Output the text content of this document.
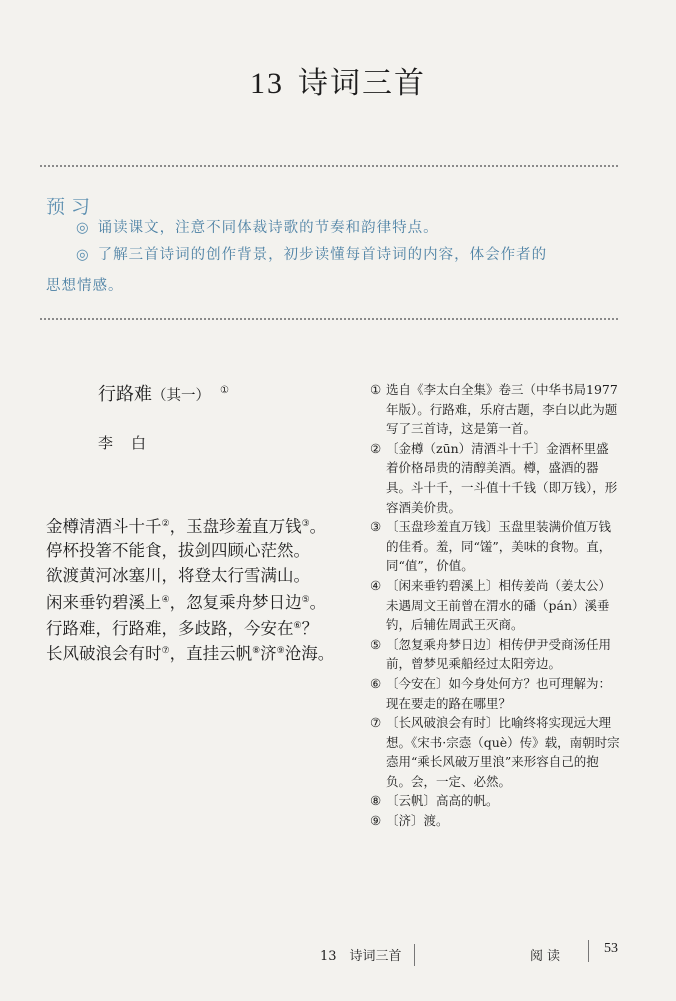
13 诗词三首
预习
◎ 诵读课文，注意不同体裁诗歌的节奏和韵律特点。
◎ 了解三首诗词的创作背景，初步读懂每首诗词的内容，体会作者的
思想情感。
行路难（其一） ①
李白
金樽清酒斗十千②，玉盘珍羞直万钱③。
停杯投箸不能食，拔剑四顾心茫然。
欲渡黄河冰塞川，将登太行雪满山。
闲来垂钓碧溪上④，忽复乘舟梦日边⑤。
行路难，行路难，多歧路，今安在⑥？
长风破浪会有时⑦，直挂云帆⑧济⑨沧海。
① 选自《李太白全集》卷三（中华书局1977年版）。行路难，乐府古题，李白以此为题写了三首诗，这是第一首。
② 〔金樽（zūn）清酒斗十千〕金酒杯里盛着价格昂贵的清醇美酒。樽，盛酒的器具。斗十千，一斗值十千钱（即万钱），形容酒美价贵。
③ 〔玉盘珍羞直万钱〕玉盘里装满价值万钱的佳肴。羞，同“馐”，美味的食物。直，同“值”，价值。
④ 〔闲来垂钓碧溪上〕相传姜尚（姜太公）未遇周文王前曾在渭水的磻（pán）溪垂钓，后辅佐周武王灭商。
⑤ 〔忽复乘舟梦日边〕相传伊尹受商汤任用前，曾梦见乘船经过太阳旁边。
⑥ 〔今安在〕如今身处何方？也可理解为：现在要走的路在哪里？
⑦ 〔长风破浪会有时〕比喻终将实现远大理想。《宋书·宗悫（què）传》载，南朝时宗悫用“乘长风破万里浪”来形容自己的抱负。会，一定、必然。
⑧ 〔云帆〕高高的帆。
⑨ 〔济〕渡。
13　诗词三首	阅读
53
